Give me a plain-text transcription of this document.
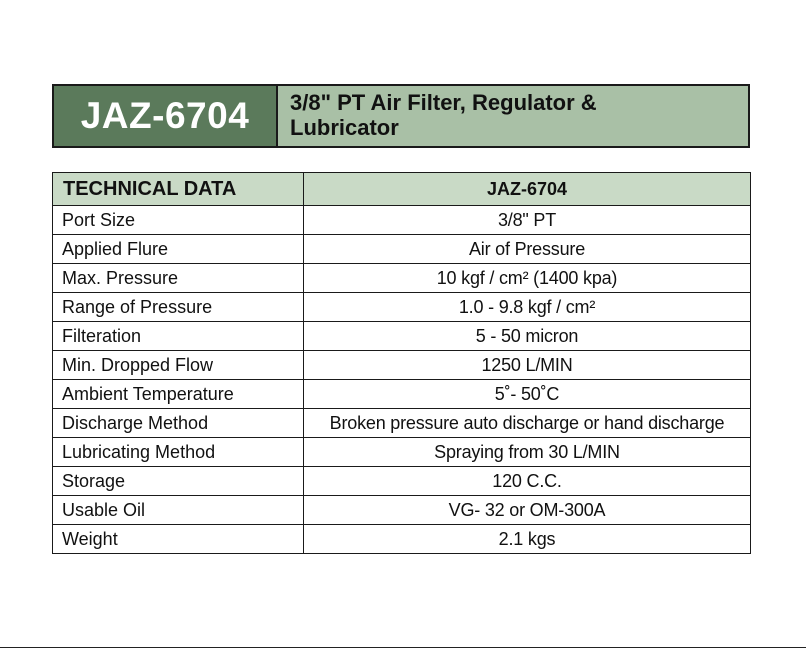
JAZ-6704	3/8" PT Air Filter, Regulator &
Lubricator
TECHNICAL DATA	JAZ-6704
Port Size	3/8" PT
Applied Flure	Air of Pressure
Max. Pressure	10 kgf / cm² (1400 kpa)
Range of Pressure	1.0 - 9.8 kgf / cm²
Filteration	5 - 50 micron
Min. Dropped Flow	1250 L/MIN
Ambient Temperature	5˚- 50˚C
Discharge Method	Broken pressure auto discharge or hand discharge
Lubricating Method	Spraying from 30 L/MIN
Storage	120 C.C.
Usable Oil	VG- 32 or OM-300A
Weight	2.1 kgs
